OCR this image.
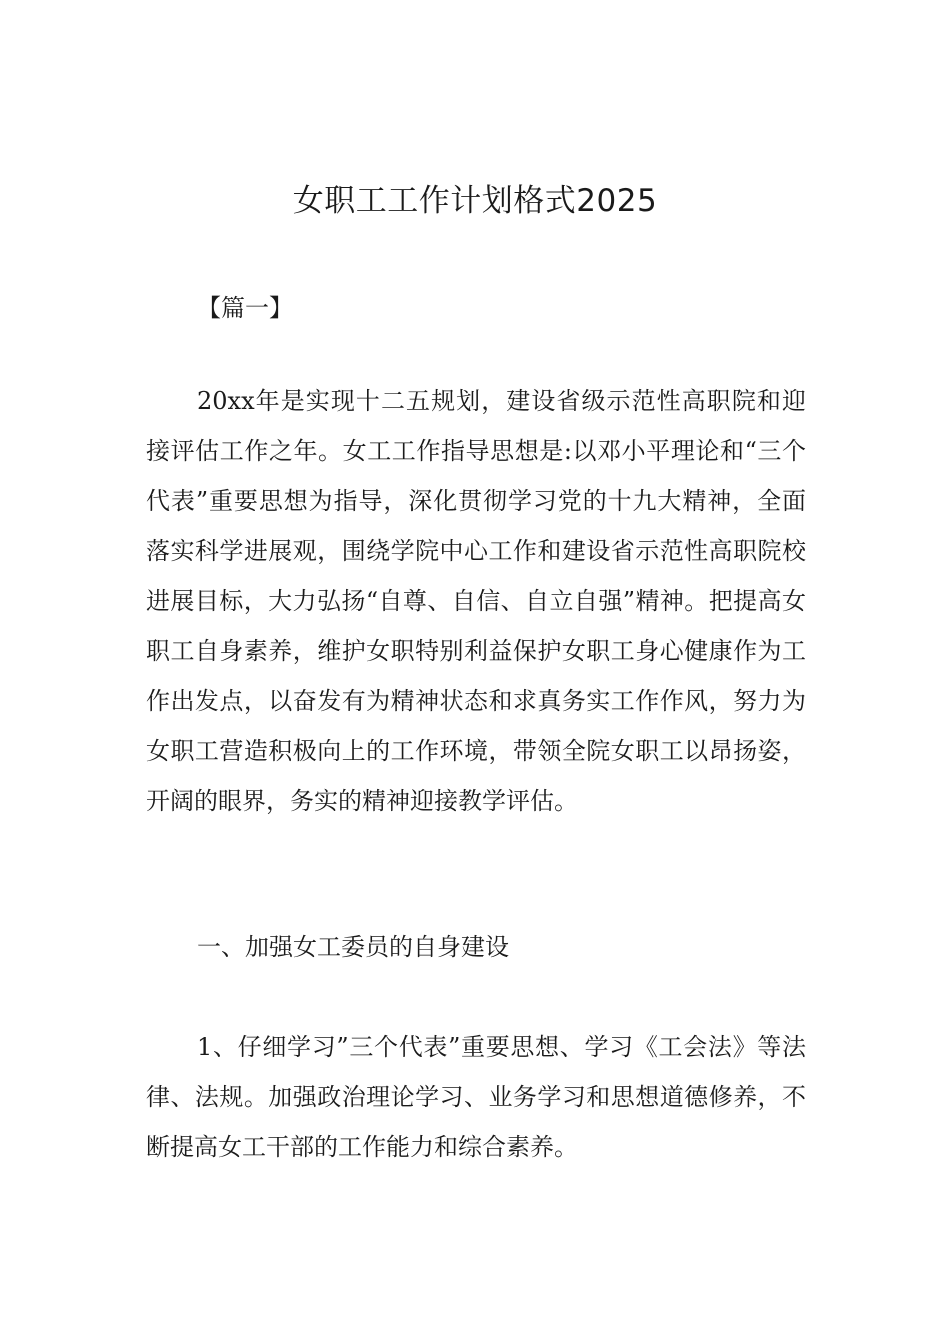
女职工工作计划格式2025

【篇一】

20xx年是实现十二五规划，建设省级示范性高职院和迎接评估工作之年。女工工作指导思想是:以邓小平理论和“三个代表”重要思想为指导，深化贯彻学习党的十九大精神，全面落实科学进展观，围绕学院中心工作和建设省示范性高职院校进展目标，大力弘扬“自尊、自信、自立自强”精神。把提高女职工自身素养，维护女职特别利益保护女职工身心健康作为工作出发点，以奋发有为精神状态和求真务实工作作风，努力为女职工营造积极向上的工作环境，带领全院女职工以昂扬姿，开阔的眼界，务实的精神迎接教学评估。

一、加强女工委员的自身建设

1、仔细学习”三个代表”重要思想、学习《工会法》等法律、法规。加强政治理论学习、业务学习和思想道德修养，不断提高女工干部的工作能力和综合素养。
